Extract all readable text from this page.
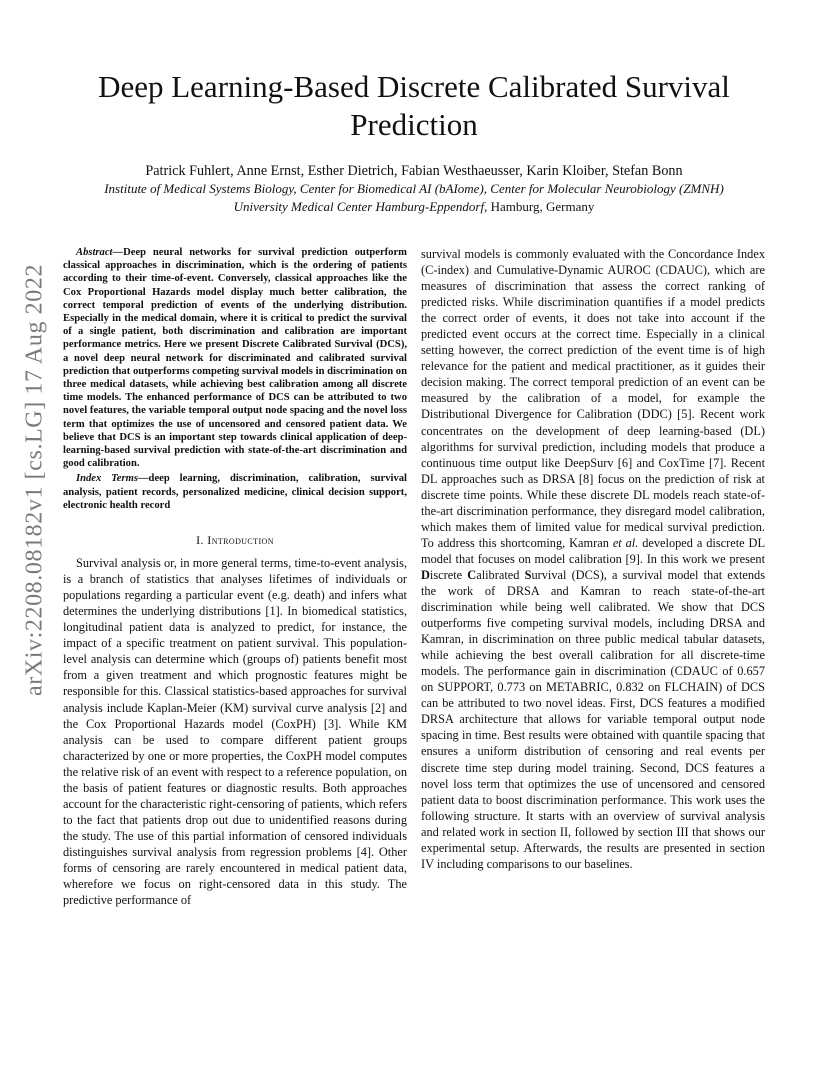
arXiv:2208.08182v1 [cs.LG] 17 Aug 2022
Deep Learning-Based Discrete Calibrated Survival Prediction
Patrick Fuhlert, Anne Ernst, Esther Dietrich, Fabian Westhaeusser, Karin Kloiber, Stefan Bonn
Institute of Medical Systems Biology, Center for Biomedical AI (bAIome), Center for Molecular Neurobiology (ZMNH)
University Medical Center Hamburg-Eppendorf, Hamburg, Germany

Abstract—Deep neural networks for survival prediction outperform classical approaches in discrimination, which is the ordering of patients according to their time-of-event. Conversely, classical approaches like the Cox Proportional Hazards model display much better calibration, the correct temporal prediction of events of the underlying distribution. Especially in the medical domain, where it is critical to predict the survival of a single patient, both discrimination and calibration are important performance metrics. Here we present Discrete Calibrated Survival (DCS), a novel deep neural network for discriminated and calibrated survival prediction that outperforms competing survival models in discrimination on three medical datasets, while achieving best calibration among all discrete time models. The enhanced performance of DCS can be attributed to two novel features, the variable temporal output node spacing and the novel loss term that optimizes the use of uncensored and censored patient data. We believe that DCS is an important step towards clinical application of deep-learning-based survival prediction with state-of-the-art discrimination and good calibration.

Index Terms—deep learning, discrimination, calibration, survival analysis, patient records, personalized medicine, clinical decision support, electronic health record

I. Introduction

Survival analysis or, in more general terms, time-to-event analysis, is a branch of statistics that analyses lifetimes of individuals or populations regarding a particular event (e.g. death) and infers what determines the underlying distributions [1]. In biomedical statistics, longitudinal patient data is analyzed to predict, for instance, the impact of a specific treatment on patient survival. This population-level analysis can determine which (groups of) patients benefit most from a given treatment and which prognostic features might be responsible for this. Classical statistics-based approaches for survival analysis include Kaplan-Meier (KM) survival curve analysis [2] and the Cox Proportional Hazards model (CoxPH) [3]. While KM analysis can be used to compare different patient groups characterized by one or more properties, the CoxPH model computes the relative risk of an event with respect to a reference population, on the basis of patient features or diagnostic results. Both approaches account for the characteristic right-censoring of patients, which refers to the fact that patients drop out due to unidentified reasons during the study. The use of this partial information of censored individuals distinguishes survival analysis from regression problems [4]. Other forms of censoring are rarely encountered in medical patient data, wherefore we focus on right-censored data in this study. The predictive performance of

survival models is commonly evaluated with the Concordance Index (C-index) and Cumulative-Dynamic AUROC (CDAUC), which are measures of discrimination that assess the correct ranking of predicted risks. While discrimination quantifies if a model predicts the correct order of events, it does not take into account if the predicted event occurs at the correct time. Especially in a clinical setting however, the correct prediction of the event time is of high relevance for the patient and medical practitioner, as it guides their decision making. The correct temporal prediction of an event can be measured by the calibration of a model, for example the Distributional Divergence for Calibration (DDC) [5]. Recent work concentrates on the development of deep learning-based (DL) algorithms for survival prediction, including models that produce a continuous time output like DeepSurv [6] and CoxTime [7]. Recent DL approaches such as DRSA [8] focus on the prediction of risk at discrete time points. While these discrete DL models reach state-of-the-art discrimination performance, they disregard model calibration, which makes them of limited value for medical survival prediction. To address this shortcoming, Kamran et al. developed a discrete DL model that focuses on model calibration [9]. In this work we present Discrete Calibrated Survival (DCS), a survival model that extends the work of DRSA and Kamran to reach state-of-the-art discrimination while being well calibrated. We show that DCS outperforms five competing survival models, including DRSA and Kamran, in discrimination on three public medical tabular datasets, while achieving the best overall calibration for all discrete-time models. The performance gain in discrimination (CDAUC of 0.657 on SUPPORT, 0.773 on METABRIC, 0.832 on FLCHAIN) of DCS can be attributed to two novel ideas. First, DCS features a modified DRSA architecture that allows for variable temporal output node spacing in time. Best results were obtained with quantile spacing that ensures a uniform distribution of censoring and real events per discrete time step during model training. Second, DCS features a novel loss term that optimizes the use of uncensored and censored patient data to boost discrimination performance. This work uses the following structure. It starts with an overview of survival analysis and related work in section II, followed by section III that shows our experimental setup. Afterwards, the results are presented in section IV including comparisons to our baselines.
